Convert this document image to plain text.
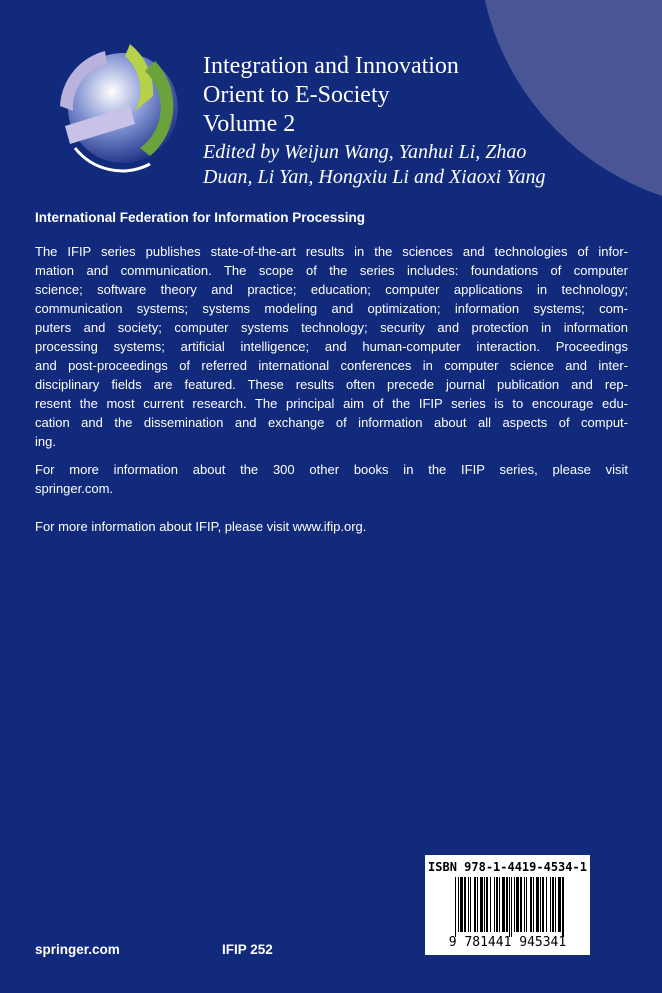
Integration and Innovation
Orient to E-Society
Volume 2
Edited by Weijun Wang, Yanhui Li, Zhao
Duan, Li Yan, Hongxiu Li and Xiaoxi Yang
International Federation for Information Processing
The IFIP series publishes state-of-the-art results in the sciences and technologies of infor-
mation and communication. The scope of the series includes: foundations of computer
science; software theory and practice; education; computer applications in technology;
communication systems; systems modeling and optimization; information systems; com-
puters and society; computer systems technology; security and protection in information
processing systems; artificial intelligence; and human-computer interaction. Proceedings
and post-proceedings of referred international conferences in computer science and inter-
disciplinary fields are featured. These results often precede journal publication and rep-
resent the most current research. The principal aim of the IFIP series is to encourage edu-
cation and the dissemination and exchange of information about all aspects of comput-
ing.
For more information about the 300 other books in the IFIP series, please visit
springer.com.
For more information about IFIP, please visit www.ifip.org.
ISBN 978-1-4419-4534-1
9 781441 945341
springer.com	IFIP 252
